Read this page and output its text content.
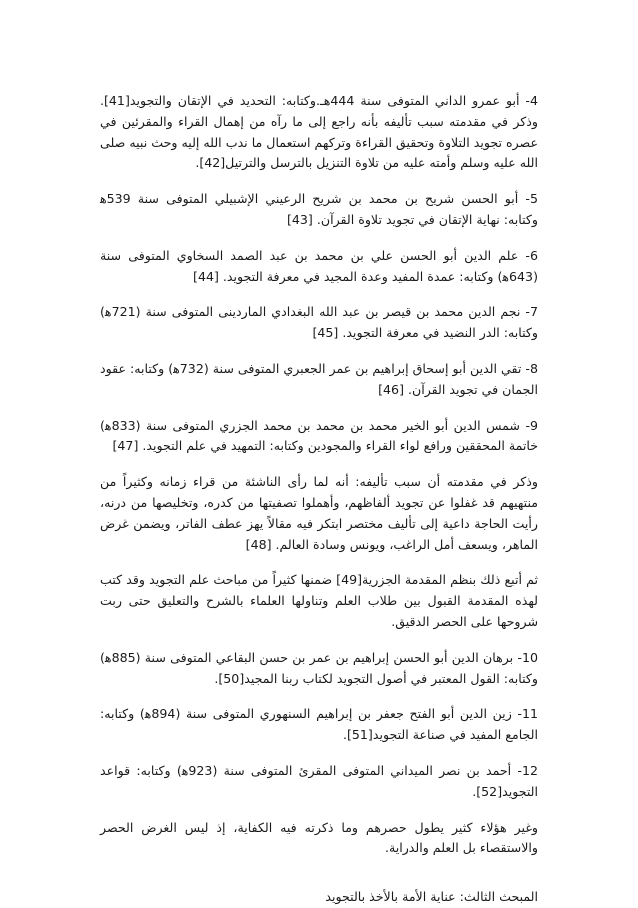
4- أبو عمرو الداني المتوفى سنة 444هـ.وكتابه: التحديد في الإتقان والتجويد[41]. وذكر في مقدمته سبب تأليفه بأنه راجع إلى ما رآه من إهمال القراء والمقرئين في عصره تجويد التلاوة وتحقيق القراءة وتركهم استعمال ما ندب الله إليه وحث نبيه صلى الله عليه وسلم وأمته عليه من تلاوة التنزيل بالترسل والترتيل[42].

5- أبو الحسن شريح بن محمد بن شريح الرعيني الإشبيلي المتوفى سنة 539ﻫ وكتابه: نهاية الإتقان في تجويد تلاوة القرآن. [43]

6- علم الدين أبو الحسن علي بن محمد بن عبد الصمد السخاوي المتوفى سنة (643ﻫ) وكتابه: عمدة المفيد وعدة المجيد في معرفة التجويد. [44]

7- نجم الدين محمد بن قيصر بن عبد الله البغدادي الماردينى المتوفى سنة (721ﻫ) وكتابه: الدر النضيد في معرفة التجويد. [45]

8- تقي الدين أبو إسحاق إبراهيم بن عمر الجعبري المتوفى سنة (732ﻫ) وكتابه: عقود الجمان في تجويد القرآن. [46]

9- شمس الدين أبو الخير محمد بن محمد بن محمد الجزري المتوفى سنة (833ﻫ) خاتمة المحققين ورافع لواء القراء والمجودين وكتابه: التمهيد في علم التجويد. [47]

وذكر في مقدمته أن سبب تأليفه: أنه لما رأى الناشئة من قراء زمانه وكثيراً من منتهيهم قد غفلوا عن تجويد ألفاظهم، وأهملوا تصفيتها من كدره، وتخليصها من درنه، رأيت الحاجة داعية إلى تأليف مختصر ابتكر فيه مقالاً يهز عطف الفاتر، ويضمن غرض الماهر، ويسعف أمل الراغب، ويونس وسادة العالم. [48]

ثم أتبع ذلك بنظم المقدمة الجزرية[49] ضمنها كثيراً من مباحث علم التجويد وقد كتب لهذه المقدمة القبول بين طلاب العلم وتناولها العلماء بالشرح والتعليق حتى ربت شروحها على الحصر الدقيق.

10- برهان الدين أبو الحسن إبراهيم بن عمر بن حسن البقاعي المتوفى سنة (885ﻫ) وكتابه: القول المعتبر في أصول التجويد لكتاب ربنا المجيد[50].

11- زين الدين أبو الفتح جعفر بن إبراهيم السنهوري المتوفى سنة (894ﻫ) وكتابه: الجامع المفيد في صناعة التجويد[51].

12- أحمد بن نصر الميداني المتوفى المقرئ المتوفى سنة (923ﻫ) وكتابه: قواعد التجويد[52].

وغير هؤلاء كثير يطول حصرهم وما ذكرته فيه الكفاية، إذ ليس الغرض الحصر والاستقصاء بل العلم والدراية.

المبحث الثالث: عناية الأمة بالأخذ بالتجويد
